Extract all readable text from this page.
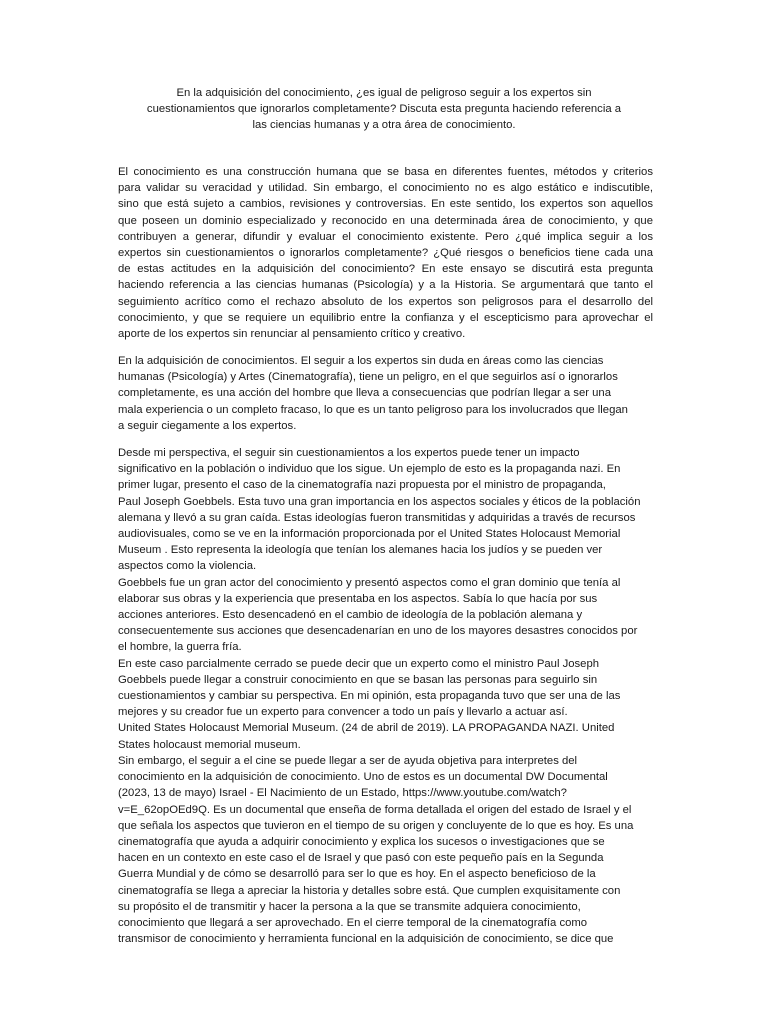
En la adquisición del conocimiento, ¿es igual de peligroso seguir a los expertos sin
cuestionamientos que ignorarlos completamente? Discuta esta pregunta haciendo referencia a
las ciencias humanas y a otra área de conocimiento.

El conocimiento es una construcción humana que se basa en diferentes fuentes, métodos y criterios
para validar su veracidad y utilidad. Sin embargo, el conocimiento no es algo estático e indiscutible,
sino que está sujeto a cambios, revisiones y controversias. En este sentido, los expertos son aquellos
que poseen un dominio especializado y reconocido en una determinada área de conocimiento, y que
contribuyen a generar, difundir y evaluar el conocimiento existente. Pero ¿qué implica seguir a los
expertos sin cuestionamientos o ignorarlos completamente? ¿Qué riesgos o beneficios tiene cada una
de estas actitudes en la adquisición del conocimiento? En este ensayo se discutirá esta pregunta
haciendo referencia a las ciencias humanas (Psicología) y a la Historia. Se argumentará que tanto el
seguimiento acrítico como el rechazo absoluto de los expertos son peligrosos para el desarrollo del
conocimiento, y que se requiere un equilibrio entre la confianza y el escepticismo para aprovechar el
aporte de los expertos sin renunciar al pensamiento crítico y creativo.

En la adquisición de conocimientos. El seguir a los expertos sin duda en áreas como las ciencias
humanas (Psicología) y Artes (Cinematografía), tiene un peligro, en el que seguirlos así o ignorarlos
completamente, es una acción del hombre que lleva a consecuencias que podrían llegar a ser una
mala experiencia o un completo fracaso, lo que es un tanto peligroso para los involucrados que llegan
a seguir ciegamente a los expertos.

Desde mi perspectiva, el seguir sin cuestionamientos a los expertos puede tener un impacto
significativo en la población o individuo que los sigue. Un ejemplo de esto es la propaganda nazi. En
primer lugar, presento el caso de la cinematografía nazi propuesta por el ministro de propaganda,
Paul Joseph Goebbels. Esta tuvo una gran importancia en los aspectos sociales y éticos de la población
alemana y llevó a su gran caída. Estas ideologías fueron transmitidas y adquiridas a través de recursos
audiovisuales, como se ve en la información proporcionada por el United States Holocaust Memorial
Museum . Esto representa la ideología que tenían los alemanes hacia los judíos y se pueden ver
aspectos como la violencia.
Goebbels fue un gran actor del conocimiento y presentó aspectos como el gran dominio que tenía al
elaborar sus obras y la experiencia que presentaba en los aspectos. Sabía lo que hacía por sus
acciones anteriores. Esto desencadenó en el cambio de ideología de la población alemana y
consecuentemente sus acciones que desencadenarían en uno de los mayores desastres conocidos por
el hombre, la guerra fría.
En este caso parcialmente cerrado se puede decir que un experto como el ministro Paul Joseph
Goebbels puede llegar a construir conocimiento en que se basan las personas para seguirlo sin
cuestionamientos y cambiar su perspectiva. En mi opinión, esta propaganda tuvo que ser una de las
mejores y su creador fue un experto para convencer a todo un país y llevarlo a actuar así.
United States Holocaust Memorial Museum. (24 de abril de 2019). LA PROPAGANDA NAZI. United
States holocaust memorial museum.

Sin embargo, el seguir a el cine se puede llegar a ser de ayuda objetiva para interpretes del
conocimiento en la adquisición de conocimiento. Uno de estos es un documental DW Documental
(2023, 13 de mayo) Israel - El Nacimiento de un Estado, https://www.youtube.com/watch?
v=E_62opOEd9Q. Es un documental que enseña de forma detallada el origen del estado de Israel y el
que señala los aspectos que tuvieron en el tiempo de su origen y concluyente de lo que es hoy. Es una
cinematografía que ayuda a adquirir conocimiento y explica los sucesos o investigaciones que se
hacen en un contexto en este caso el de Israel y que pasó con este pequeño país en la Segunda
Guerra Mundial y de cómo se desarrolló para ser lo que es hoy. En el aspecto beneficioso de la
cinematografía se llega a apreciar la historia y detalles sobre está. Que cumplen exquisitamente con
su propósito el de transmitir y hacer la persona a la que se transmite adquiera conocimiento,
conocimiento que llegará a ser aprovechado. En el cierre temporal de la cinematografía como
transmisor de conocimiento y herramienta funcional en la adquisición de conocimiento, se dice que
